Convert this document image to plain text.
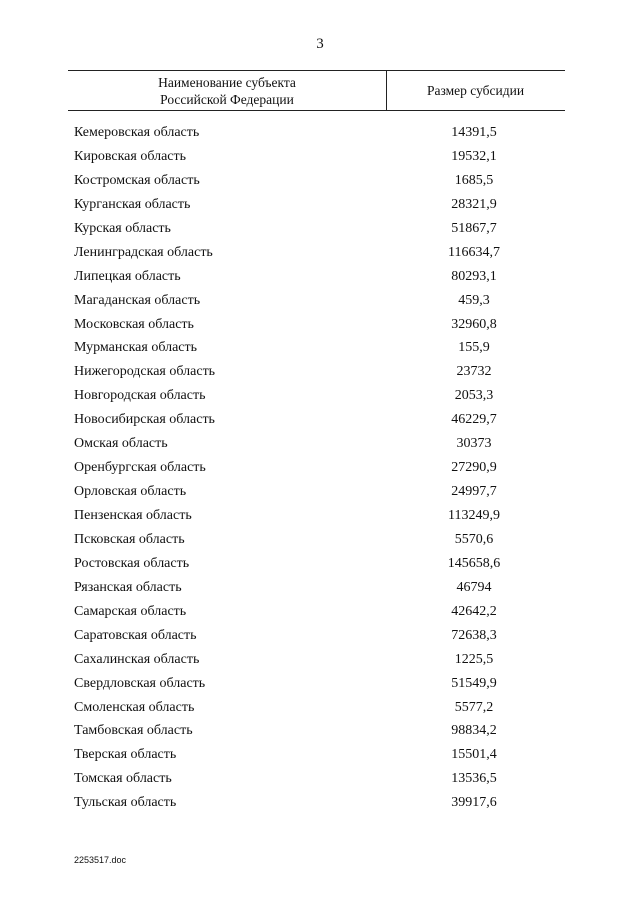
3
Наименование субъекта
Российской Федерации
Размер субсидии
Кемеровская область	14391,5
Кировская область	19532,1
Костромская область	1685,5
Курганская область	28321,9
Курская область	51867,7
Ленинградская область	116634,7
Липецкая область	80293,1
Магаданская область	459,3
Московская область	32960,8
Мурманская область	155,9
Нижегородская область	23732
Новгородская область	2053,3
Новосибирская область	46229,7
Омская область	30373
Оренбургская область	27290,9
Орловская область	24997,7
Пензенская область	113249,9
Псковская область	5570,6
Ростовская область	145658,6
Рязанская область	46794
Самарская область	42642,2
Саратовская область	72638,3
Сахалинская область	1225,5
Свердловская область	51549,9
Смоленская область	5577,2
Тамбовская область	98834,2
Тверская область	15501,4
Томская область	13536,5
Тульская область	39917,6
2253517.doc
